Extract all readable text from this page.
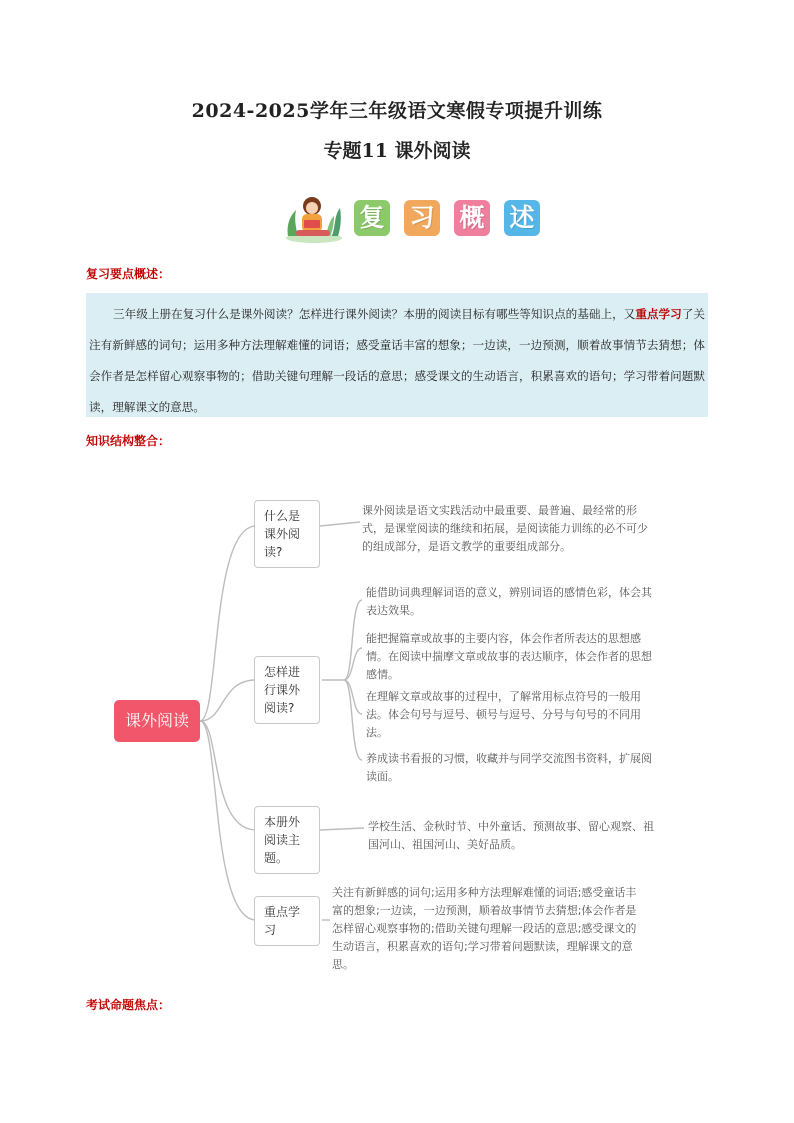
2024-2025学年三年级语文寒假专项提升训练
专题11 课外阅读
复 习 概 述
复习要点概述：
三年级上册在复习什么是课外阅读？怎样进行课外阅读？本册的阅读目标有哪些等知识点的基础上，又重点学习了关注有新鲜感的词句；运用多种方法理解难懂的词语；感受童话丰富的想象；一边读，一边预测，顺着故事情节去猜想；体会作者是怎样留心观察事物的；借助关键句理解一段话的意思；感受课文的生动语言，积累喜欢的语句；学习带着问题默读，理解课文的意思。
知识结构整合：
课外阅读
什么是课外阅读?
怎样进行课外阅读?
本册外阅读主题。
重点学习
课外阅读是语文实践活动中最重要、最普遍、最经常的形式，是课堂阅读的继续和拓展，是阅读能力训练的必不可少的组成部分，是语文教学的重要组成部分。
能借助词典理解词语的意义，辨别词语的感情色彩，体会其表达效果。
能把握篇章或故事的主要内容，体会作者所表达的思想感情。在阅读中揣摩文章或故事的表达顺序，体会作者的思想感情。
在理解文章或故事的过程中，了解常用标点符号的一般用法。体会句号与逗号、顿号与逗号、分号与句号的不同用法。
养成读书看报的习惯，收藏并与同学交流图书资料，扩展阅读面。
学校生活、金秋时节、中外童话、预测故事、留心观察、祖国河山、祖国河山、美好品质。
关注有新鲜感的词句;运用多种方法理解难懂的词语;感受童话丰富的想象;一边读，一边预测，顺着故事情节去猜想;体会作者是怎样留心观察事物的;借助关键句理解一段话的意思;感受课文的生动语言，积累喜欢的语句;学习带着问题默读，理解课文的意思。
考试命题焦点：
